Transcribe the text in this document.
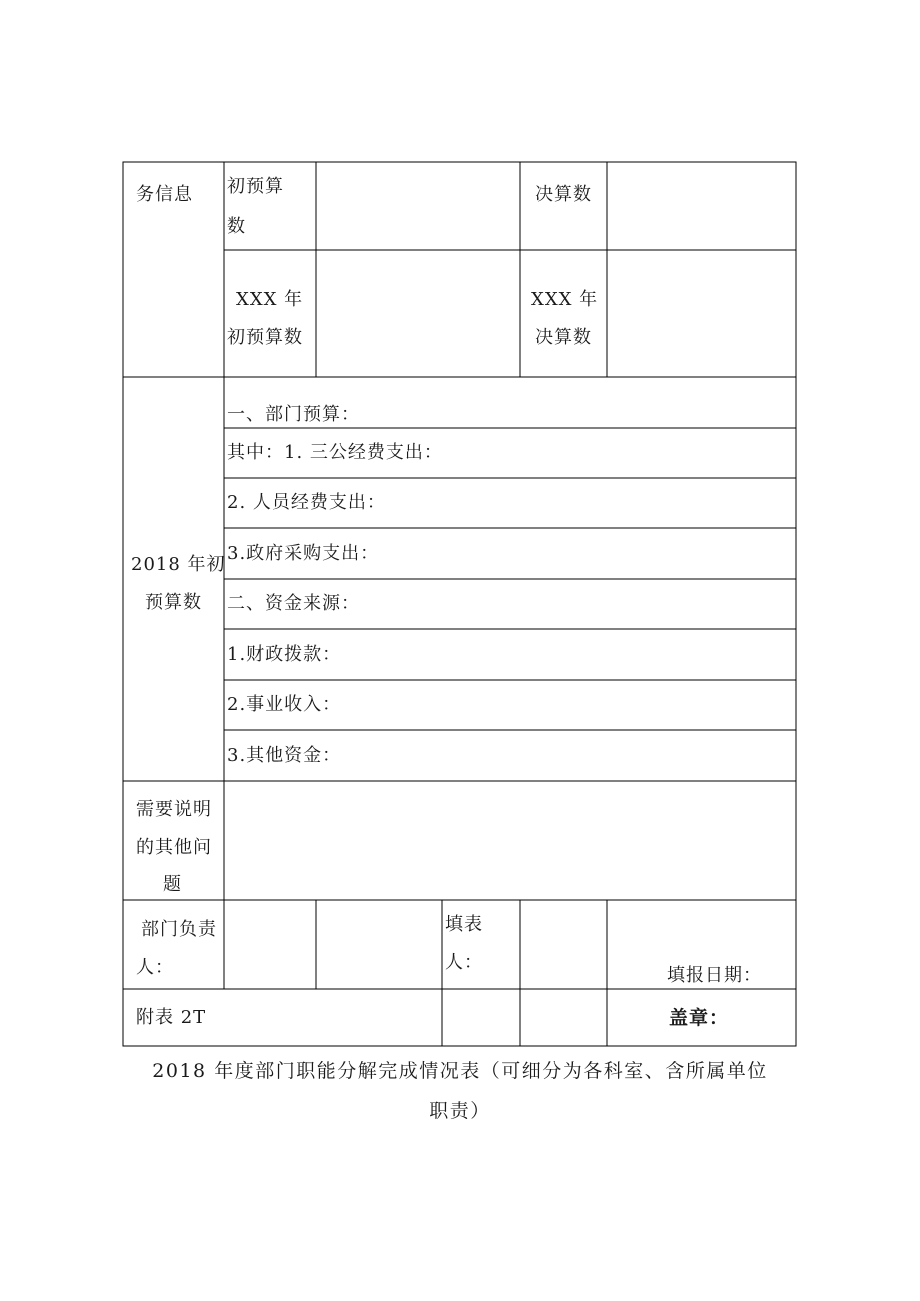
务信息 初预算
数
决算数
XXX 年
初预算数
XXX 年
决算数
2018 年初
预算数
一、部门预算：
其中：1. 三公经费支出：
2. 人员经费支出：
3.政府采购支出：
二、资金来源：
1.财政拨款：
2.事业收入：
3.其他资金：
需要说明
的其他问
题
部门负责
人：
填表
人：
填报日期：
附表 2T	盖章：
2018 年度部门职能分解完成情况表（可细分为各科室、含所属单位
职责）
